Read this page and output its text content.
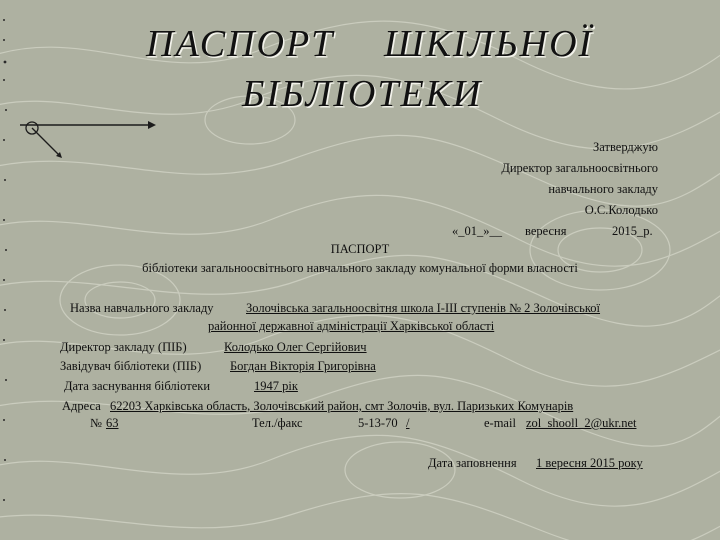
ПАСПОРТ ШКІЛЬНОЇ
БІБЛІОТЕКИ
Затверджую
Директор загальноосвітнього
навчального закладу
О.С.Колодько
«_01_»__ вересня	2015_р.
ПАСПОРТ
бібліотеки загальноосвітнього навчального закладу комунальної форми власності
Назва навчального закладу	Золочівська загальноосвітня школа І-ІІІ ступенів № 2 Золочівської
районної державної адміністрації Харківської області
Директор закладу (ПІБ)	Колодько Олег Сергійович
Завідувач бібліотеки (ПІБ) Богдан Вікторія Григорівна
Дата заснування бібліотеки	1947 рік
Адреса 62203 Харківська область, Золочівський район, смт Золочів, вул. Паризьких Комунарів
№ 63	Тел./факс	5-13-70 /	e-mail zol_shooll_2@ukr.net
Дата заповнення 1 вересня 2015 року
